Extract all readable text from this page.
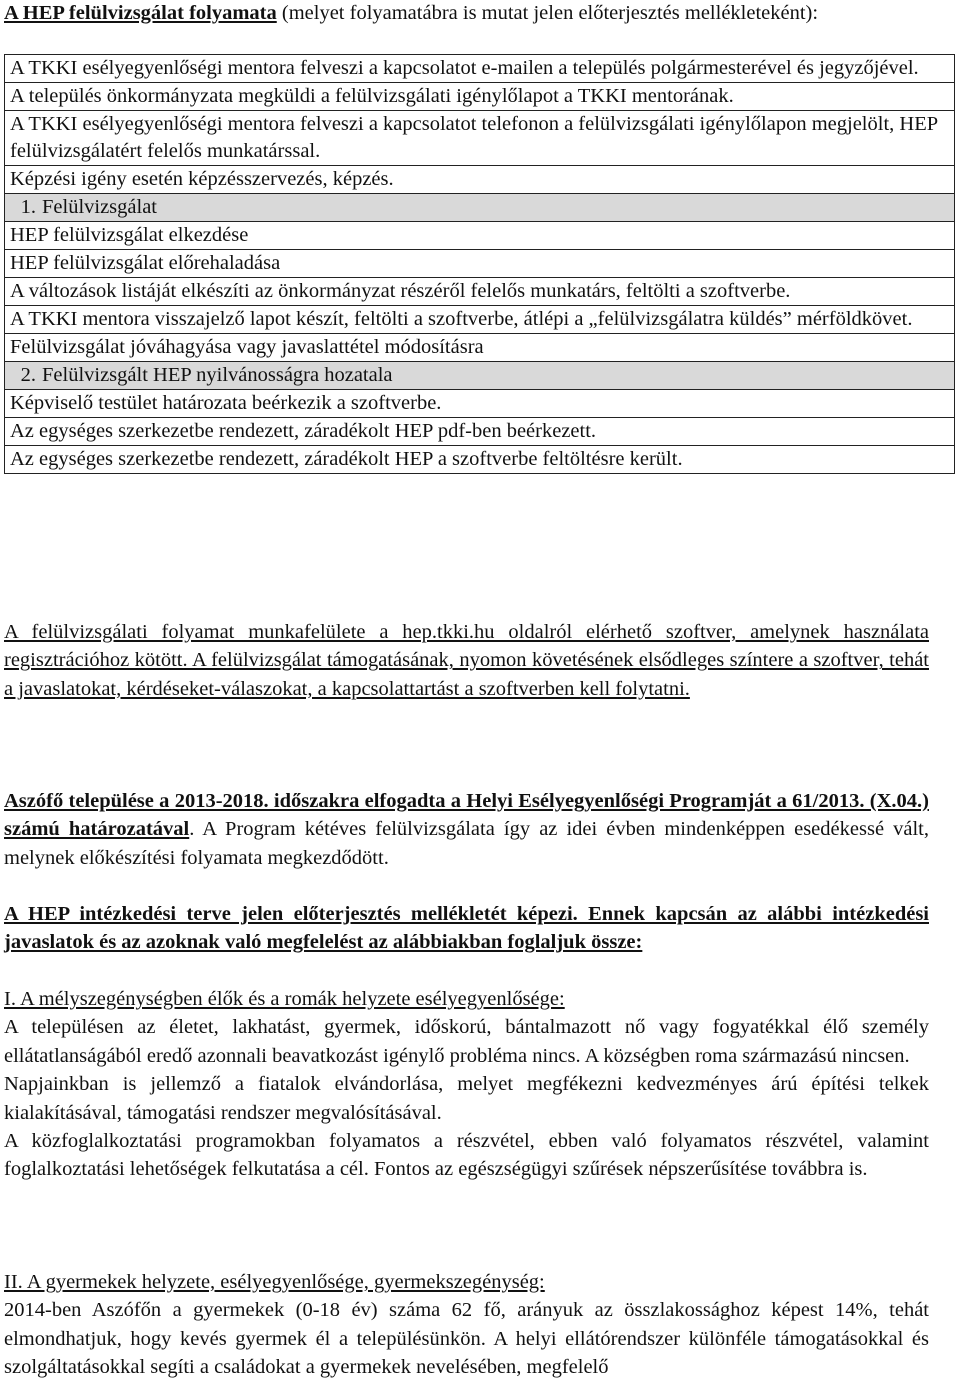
A HEP felülvizsgálat folyamata (melyet folyamatábra is mutat jelen előterjesztés mellékleteként):
A TKKI esélyegyenlőségi mentora felveszi a kapcsolatot e-mailen a település polgármesterével és jegyzőjével.
A település önkormányzata megküldi a felülvizsgálati igénylőlapot a TKKI mentorának.
A TKKI esélyegyenlőségi mentora felveszi a kapcsolatot telefonon a felülvizsgálati igénylőlapon megjelölt, HEP felülvizsgálatért felelős munkatárssal.
Képzési igény esetén képzésszervezés, képzés.
1. Felülvizsgálat
HEP felülvizsgálat elkezdése
HEP felülvizsgálat előrehaladása
A változások listáját elkészíti az önkormányzat részéről felelős munkatárs, feltölti a szoftverbe.
A TKKI mentora visszajelző lapot készít, feltölti a szoftverbe, átlépi a „felülvizsgálatra küldés” mérföldkövet.
Felülvizsgálat jóváhagyása vagy javaslattétel módosításra
2. Felülvizsgált HEP nyilvánosságra hozatala
Képviselő testület határozata beérkezik a szoftverbe.
Az egységes szerkezetbe rendezett, záradékolt HEP pdf-ben beérkezett.
Az egységes szerkezetbe rendezett, záradékolt HEP a szoftverbe feltöltésre került.

A felülvizsgálati folyamat munkafelülete a hep.tkki.hu oldalról elérhető szoftver, amelynek használata regisztrációhoz kötött. A felülvizsgálat támogatásának, nyomon követésének elsődleges színtere a szoftver, tehát a javaslatokat, kérdéseket-válaszokat, a kapcsolattartást a szoftverben kell folytatni.

Aszófő települése a 2013-2018. időszakra elfogadta a Helyi Esélyegyenlőségi Programját a 61/2013. (X.04.) számú határozatával. A Program kétéves felülvizsgálata így az idei évben mindenképpen esedékessé vált, melynek előkészítési folyamata megkezdődött.

A HEP intézkedési terve jelen előterjesztés mellékletét képezi. Ennek kapcsán az alábbi intézkedési javaslatok és az azoknak való megfelelést az alábbiakban foglaljuk össze:

I. A mélyszegénységben élők és a romák helyzete esélyegyenlősége:

A településen az életet, lakhatást, gyermek, időskorú, bántalmazott nő vagy fogyatékkal élő személy ellátatlanságából eredő azonnali beavatkozást igénylő probléma nincs. A községben roma származású nincsen.

Napjainkban is jellemző a fiatalok elvándorlása, melyet megfékezni kedvezményes árú építési telkek kialakításával, támogatási rendszer megvalósításával.

A közfoglalkoztatási programokban folyamatos a részvétel, ebben való folyamatos részvétel, valamint foglalkoztatási lehetőségek felkutatása a cél. Fontos az egészségügyi szűrések népszerűsítése továbbra is.

II. A gyermekek helyzete, esélyegyenlősége, gyermekszegénység:

2014-ben Aszófőn a gyermekek (0-18 év) száma 62 fő, arányuk az összlakossághoz képest 14%, tehát elmondhatjuk, hogy kevés gyermek él a településünkön. A helyi ellátórendszer különféle támogatásokkal és szolgáltatásokkal segíti a családokat a gyermekek nevelésében, megfelelő
